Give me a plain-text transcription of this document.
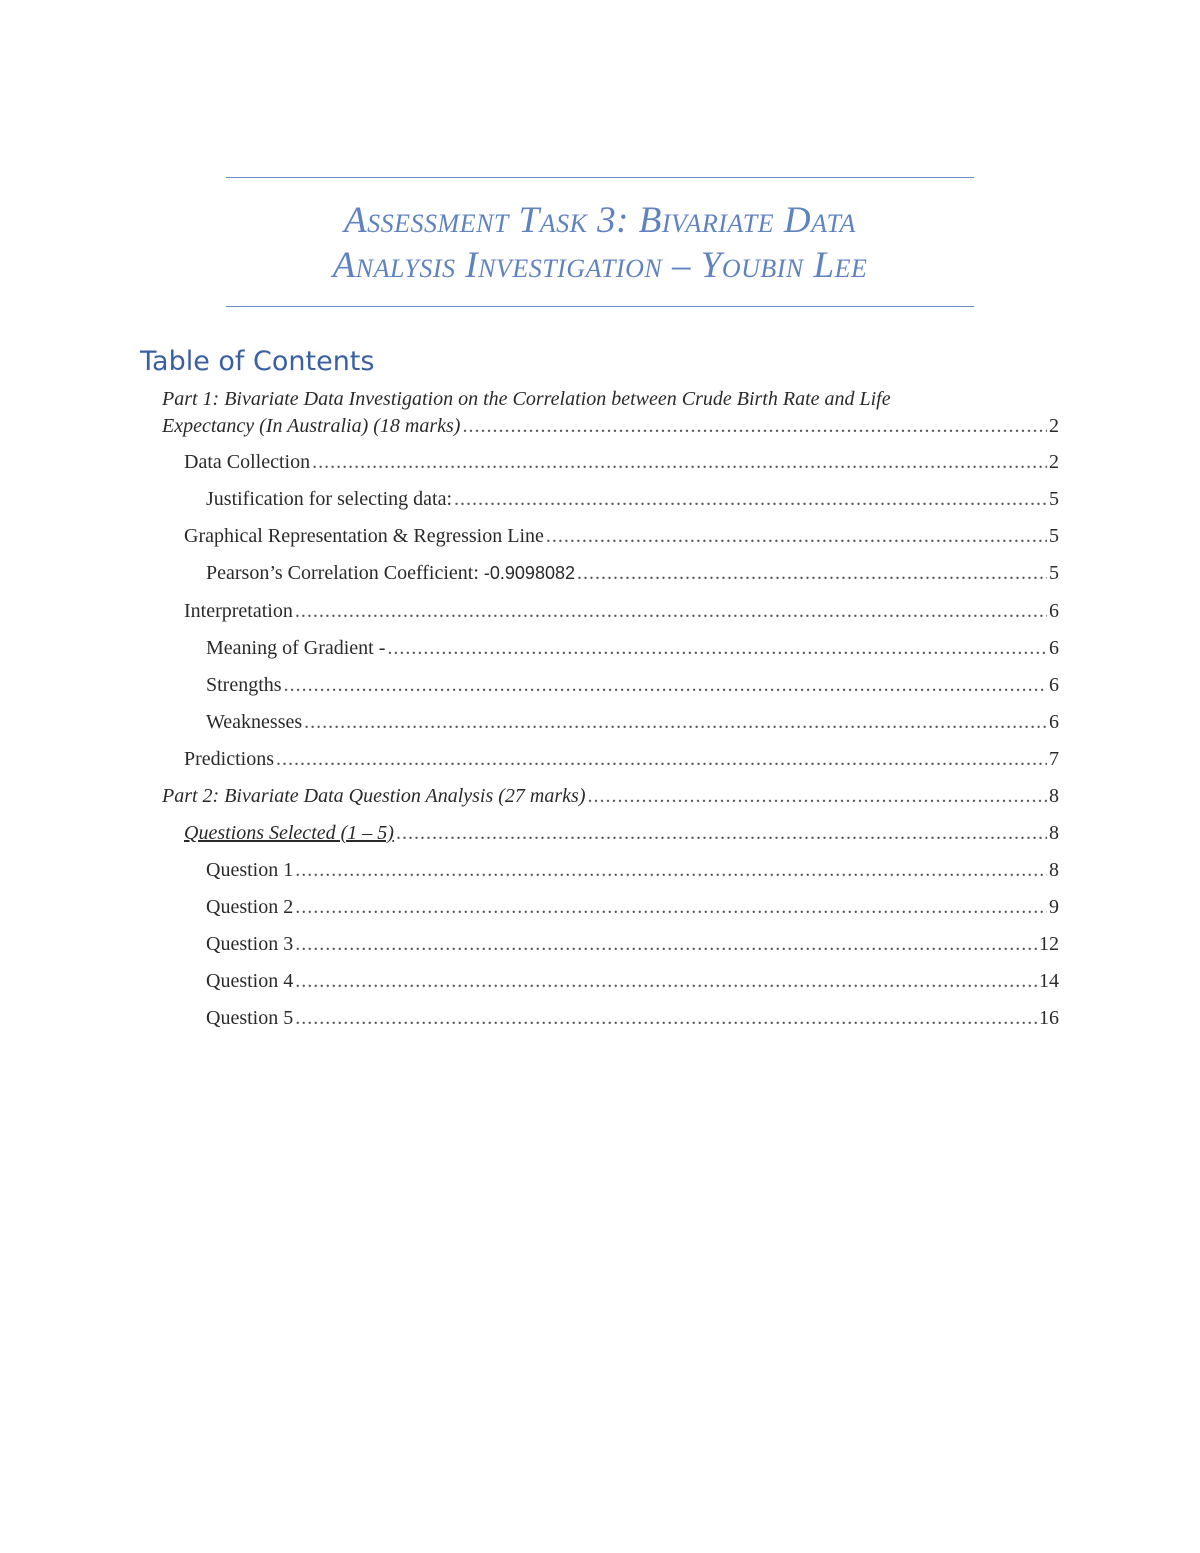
Assessment Task 3: Bivariate Data
Analysis Investigation – Youbin Lee
Table of Contents
Part 1: Bivariate Data Investigation on the Correlation between Crude Birth Rate and Life
Expectancy (In Australia) (18 marks) .....	2
Data Collection .....	2
Justification for selecting data: .....	5
Graphical Representation & Regression Line .....	5
Pearson’s Correlation Coefficient: -0.9098082 .....	5
Interpretation .....	6
Meaning of Gradient - .....	6
Strengths .....	6
Weaknesses .....	6
Predictions .....	7
Part 2: Bivariate Data Question Analysis (27 marks) .....	8
Questions Selected (1 – 5) .....	8
Question 1 .....	8
Question 2 .....	9
Question 3 .....	12
Question 4 .....	14
Question 5 .....	16
